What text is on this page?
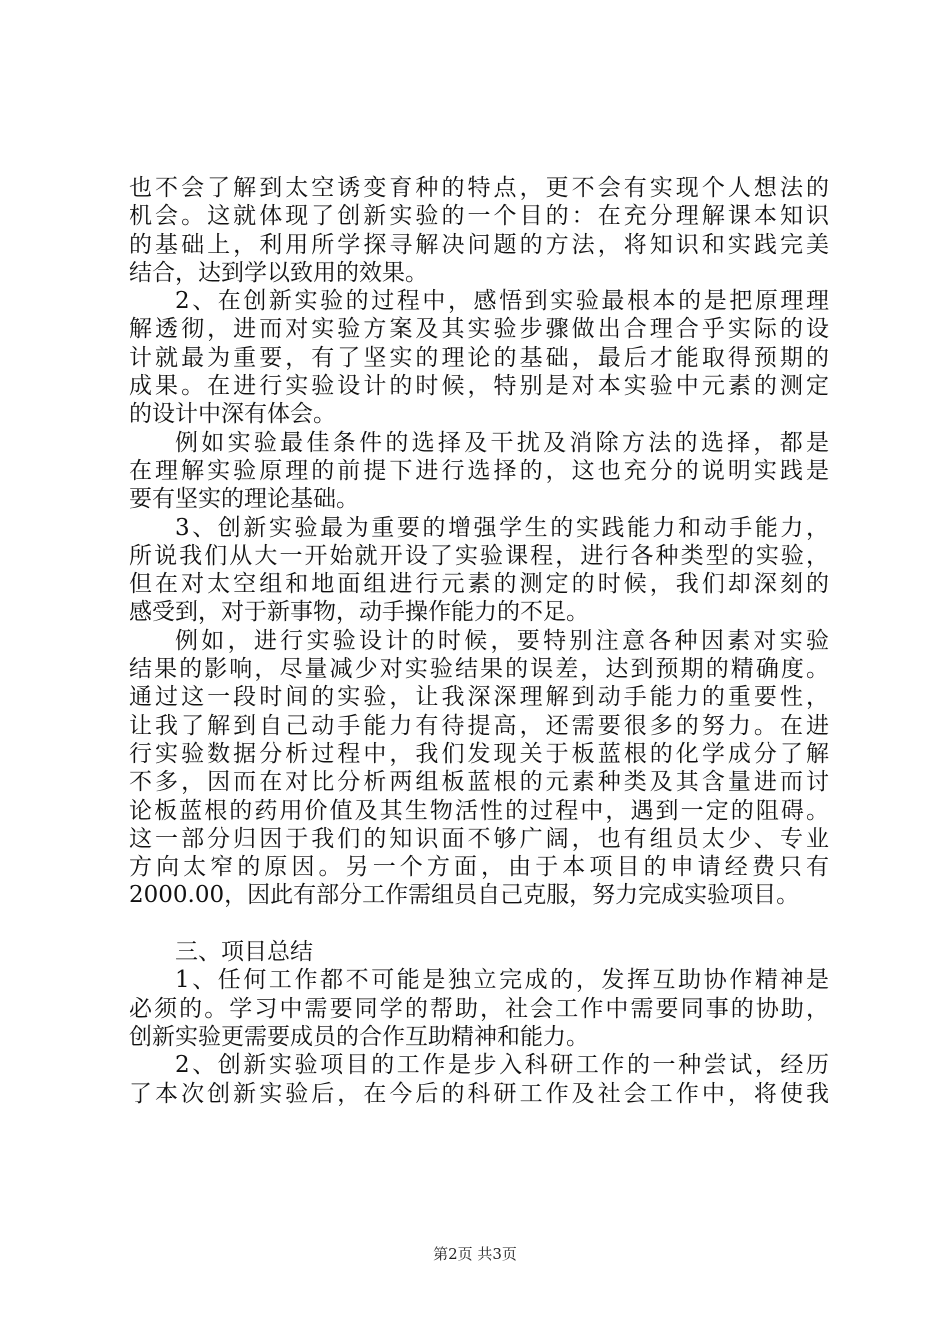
也不会了解到太空诱变育种的特点，更不会有实现个人想法的
机会。这就体现了创新实验的一个目的：在充分理解课本知识
的基础上，利用所学探寻解决问题的方法，将知识和实践完美
结合，达到学以致用的效果。
2、在创新实验的过程中，感悟到实验最根本的是把原理理
解透彻，进而对实验方案及其实验步骤做出合理合乎实际的设
计就最为重要，有了坚实的理论的基础，最后才能取得预期的
成果。在进行实验设计的时候，特别是对本实验中元素的测定
的设计中深有体会。
例如实验最佳条件的选择及干扰及消除方法的选择，都是
在理解实验原理的前提下进行选择的，这也充分的说明实践是
要有坚实的理论基础。
3、创新实验最为重要的增强学生的实践能力和动手能力，
所说我们从大一开始就开设了实验课程，进行各种类型的实验，
但在对太空组和地面组进行元素的测定的时候，我们却深刻的
感受到，对于新事物，动手操作能力的不足。
例如，进行实验设计的时候，要特别注意各种因素对实验
结果的影响，尽量减少对实验结果的误差，达到预期的精确度。
通过这一段时间的实验，让我深深理解到动手能力的重要性，
让我了解到自己动手能力有待提高，还需要很多的努力。在进
行实验数据分析过程中，我们发现关于板蓝根的化学成分了解
不多，因而在对比分析两组板蓝根的元素种类及其含量进而讨
论板蓝根的药用价值及其生物活性的过程中，遇到一定的阻碍。
这一部分归因于我们的知识面不够广阔，也有组员太少、专业
方向太窄的原因。另一个方面，由于本项目的申请经费只有
2000.00，因此有部分工作需组员自己克服，努力完成实验项目。
三、项目总结
1、任何工作都不可能是独立完成的，发挥互助协作精神是
必须的。学习中需要同学的帮助，社会工作中需要同事的协助，
创新实验更需要成员的合作互助精神和能力。
2、创新实验项目的工作是步入科研工作的一种尝试，经历
了本次创新实验后，在今后的科研工作及社会工作中，将使我
第2页 共3页
